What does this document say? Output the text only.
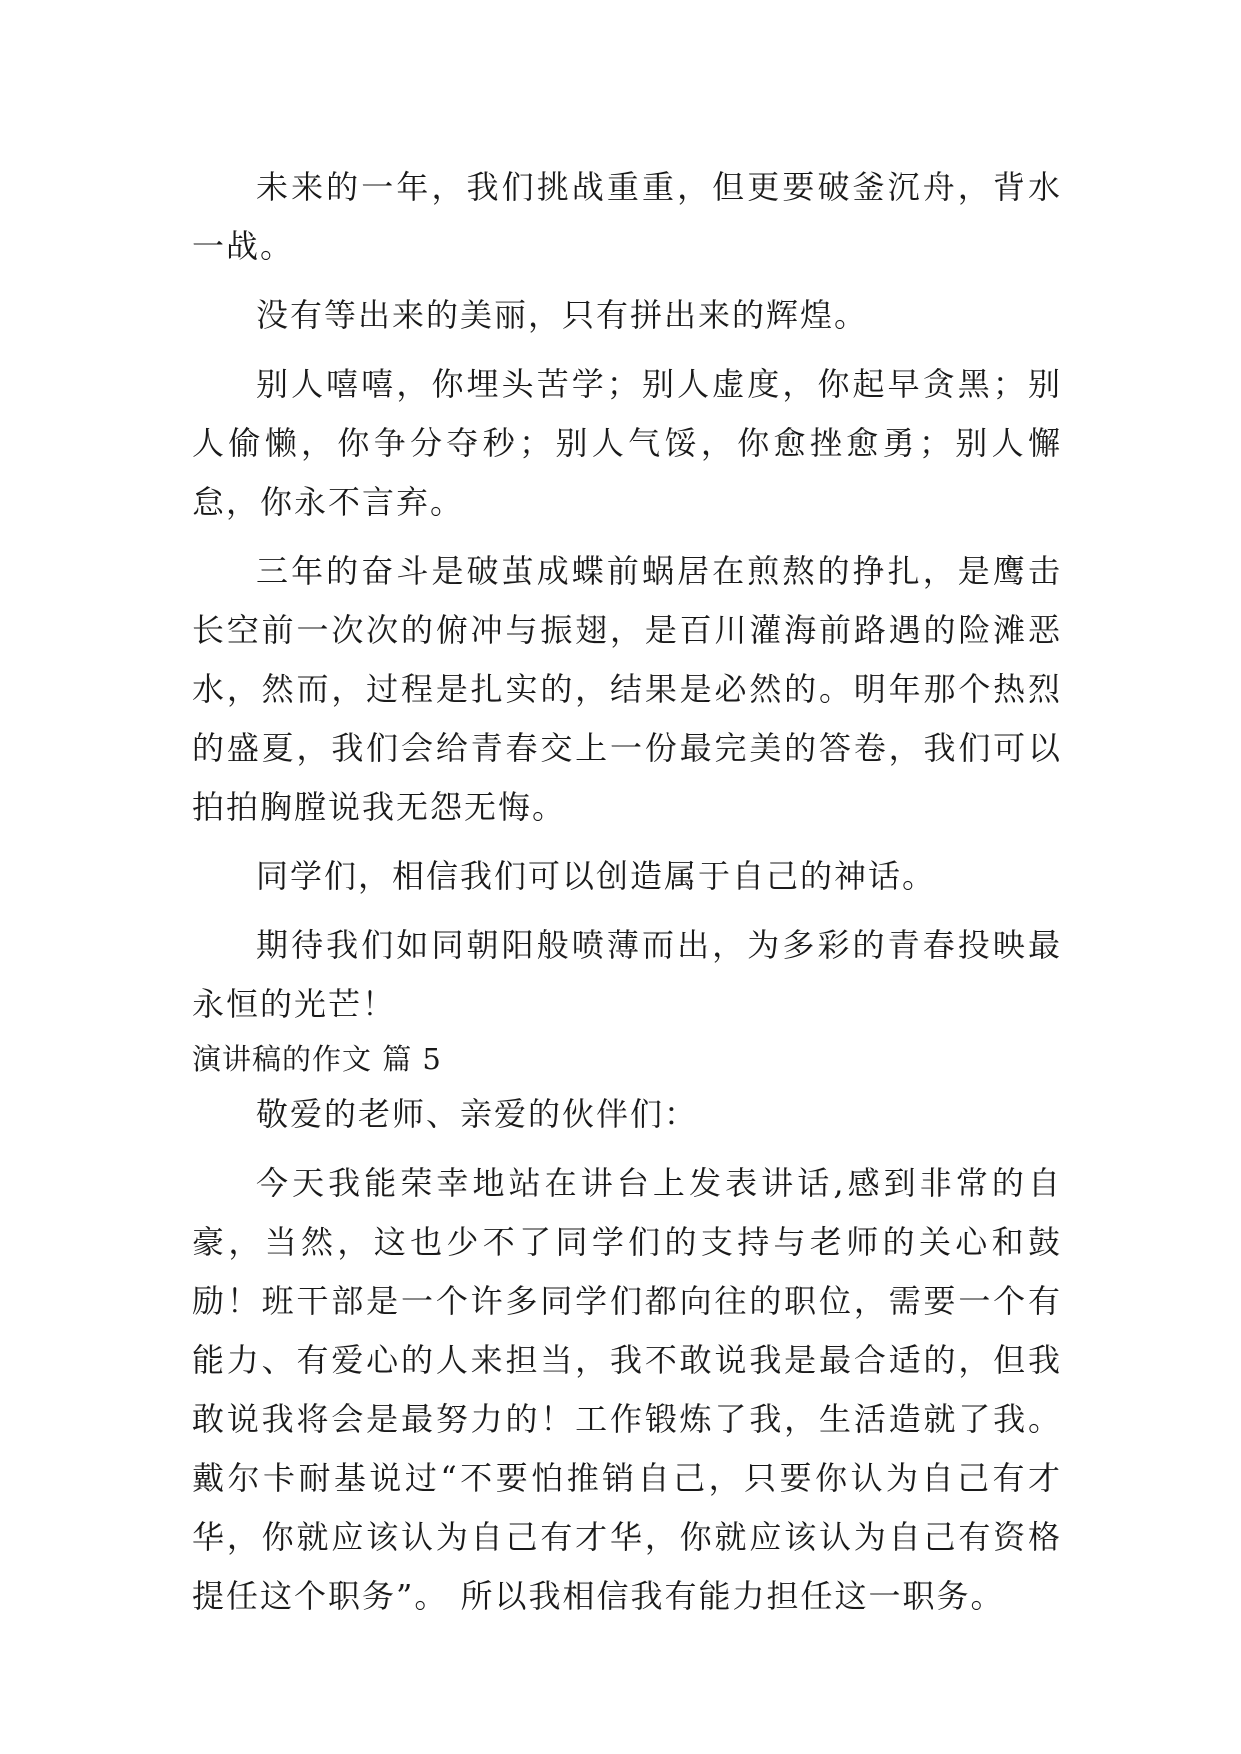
未来的一年，我们挑战重重，但更要破釜沉舟，背水一战。

没有等出来的美丽，只有拼出来的辉煌。

别人嘻嘻，你埋头苦学；别人虚度，你起早贪黑；别人偷懒，你争分夺秒；别人气馁，你愈挫愈勇；别人懈怠，你永不言弃。

三年的奋斗是破茧成蝶前蜗居在煎熬的挣扎，是鹰击长空前一次次的俯冲与振翅，是百川灌海前路遇的险滩恶水，然而，过程是扎实的，结果是必然的。明年那个热烈的盛夏，我们会给青春交上一份最完美的答卷，我们可以拍拍胸膛说我无怨无悔。

同学们，相信我们可以创造属于自己的神话。

期待我们如同朝阳般喷薄而出，为多彩的青春投映最永恒的光芒！

演讲稿的作文 篇 5

敬爱的老师、亲爱的伙伴们：

今天我能荣幸地站在讲台上发表讲话,感到非常的自豪，当然，这也少不了同学们的支持与老师的关心和鼓励！班干部是一个许多同学们都向往的职位，需要一个有能力、有爱心的人来担当，我不敢说我是最合适的，但我敢说我将会是最努力的！工作锻炼了我，生活造就了我。戴尔卡耐基说过“不要怕推销自己，只要你认为自己有才华，你就应该认为自己有才华，你就应该认为自己有资格提任这个职务”。 所以我相信我有能力担任这一职务。
